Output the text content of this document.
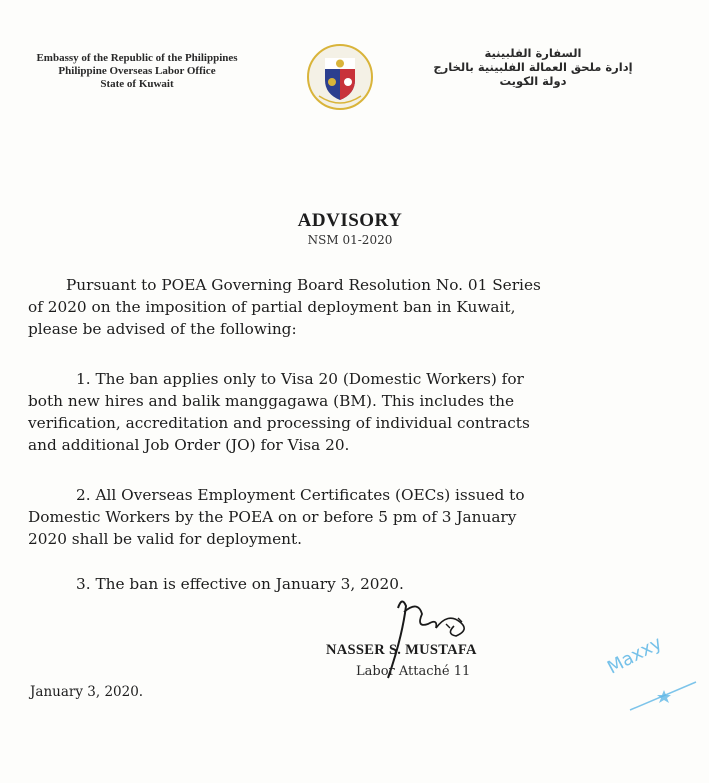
Embassy of the Republic of the Philippines
Philippine Overseas Labor Office
State of Kuwait
السفارة الفلبينية
إدارة ملحق العمالة الفلبينية بالخارج
دولة الكويت
ADVISORY
NSM 01-2020
Pursuant to POEA Governing Board Resolution No. 01 Series
of 2020 on the imposition of partial deployment ban in Kuwait,
please be advised of the following:
1. The ban applies only to Visa 20 (Domestic Workers) for
both new hires and balik manggagawa (BM). This includes the
verification, accreditation and processing of individual contracts
and additional Job Order (JO) for Visa 20.
2. All Overseas Employment Certificates (OECs) issued to
Domestic Workers by the POEA on or before 5 pm of 3 January
2020 shall be valid for deployment.
3. The ban is effective on January 3, 2020.
NASSER S. MUSTAFA
Labor Attaché 11
January 3, 2020.
Maxxy
